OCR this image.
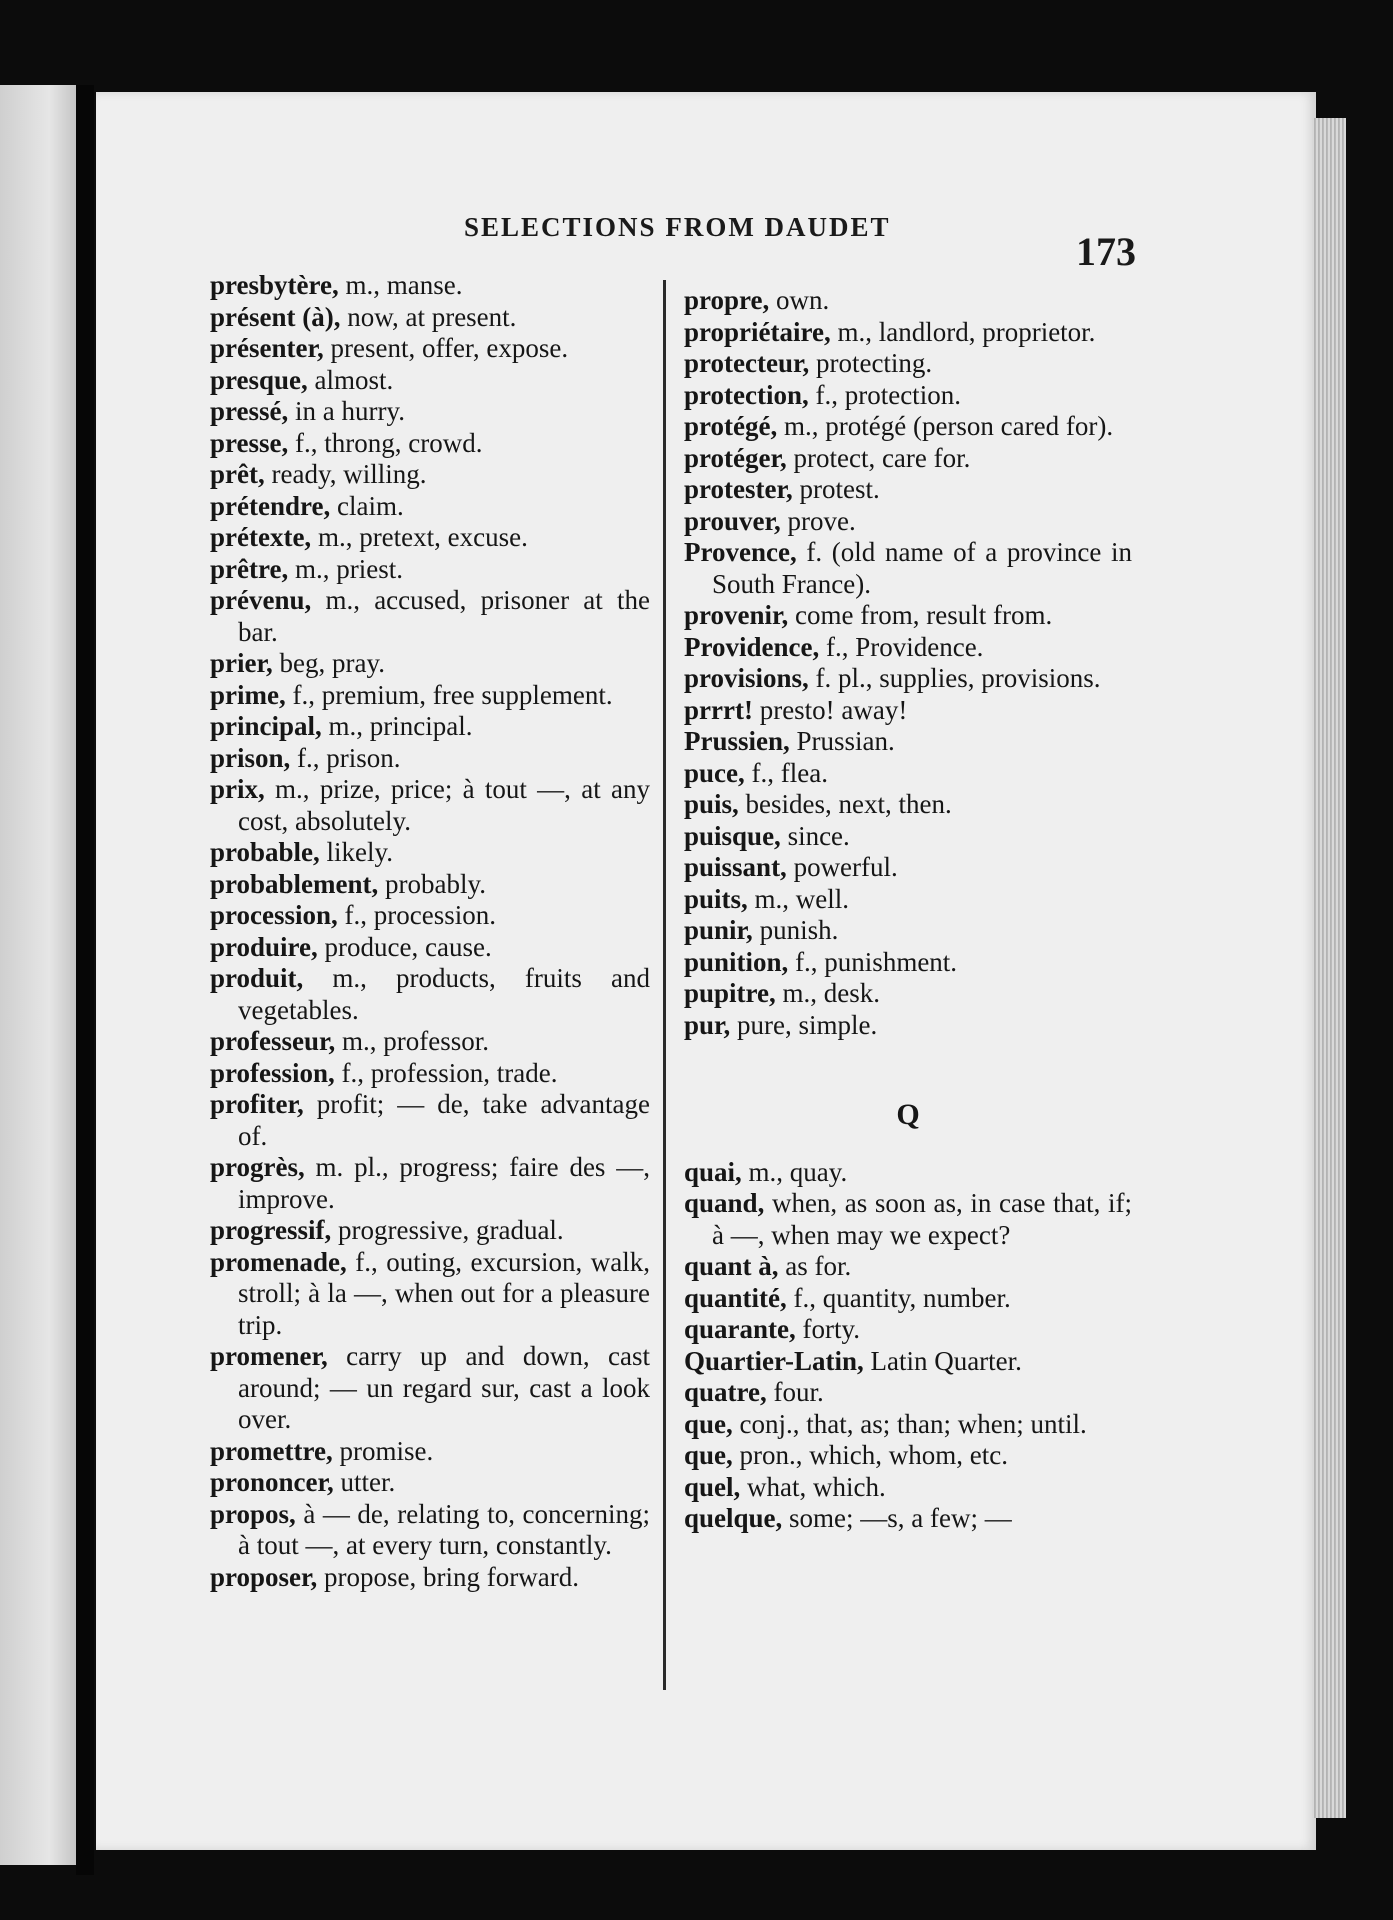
SELECTIONS FROM DAUDET
173

presbytère, m., manse.

présent (à), now, at present.

présenter, present, offer, expose.

presque, almost.

pressé, in a hurry.

presse, f., throng, crowd.

prêt, ready, willing.

prétendre, claim.

prétexte, m., pretext, excuse.

prêtre, m., priest.

prévenu, m., accused, prisoner at the bar.

prier, beg, pray.

prime, f., premium, free supplement.

principal, m., principal.

prison, f., prison.

prix, m., prize, price; à tout —, at any cost, absolutely.

probable, likely.

probablement, probably.

procession, f., procession.

produire, produce, cause.

produit, m., products, fruits and vegetables.

professeur, m., professor.

profession, f., profession, trade.

profiter, profit; — de, take advantage of.

progrès, m. pl., progress; faire des —, improve.

progressif, progressive, gradual.

promenade, f., outing, excursion, walk, stroll; à la —, when out for a pleasure trip.

promener, carry up and down, cast around; — un regard sur, cast a look over.

promettre, promise.

prononcer, utter.

propos, à — de, relating to, concerning; à tout —, at every turn, constantly.

proposer, propose, bring forward.

propre, own.

propriétaire, m., landlord, proprietor.

protecteur, protecting.

protection, f., protection.

protégé, m., protégé (person cared for).

protéger, protect, care for.

protester, protest.

prouver, prove.

Provence, f. (old name of a province in South France).

provenir, come from, result from.

Providence, f., Providence.

provisions, f. pl., supplies, provisions.

prrrt! presto! away!

Prussien, Prussian.

puce, f., flea.

puis, besides, next, then.

puisque, since.

puissant, powerful.

puits, m., well.

punir, punish.

punition, f., punishment.

pupitre, m., desk.

pur, pure, simple.

Q

quai, m., quay.

quand, when, as soon as, in case that, if; à —, when may we expect?

quant à, as for.

quantité, f., quantity, number.

quarante, forty.

Quartier-Latin, Latin Quarter.

quatre, four.

que, conj., that, as; than; when; until.

que, pron., which, whom, etc.

quel, what, which.

quelque, some; —s, a few; —
